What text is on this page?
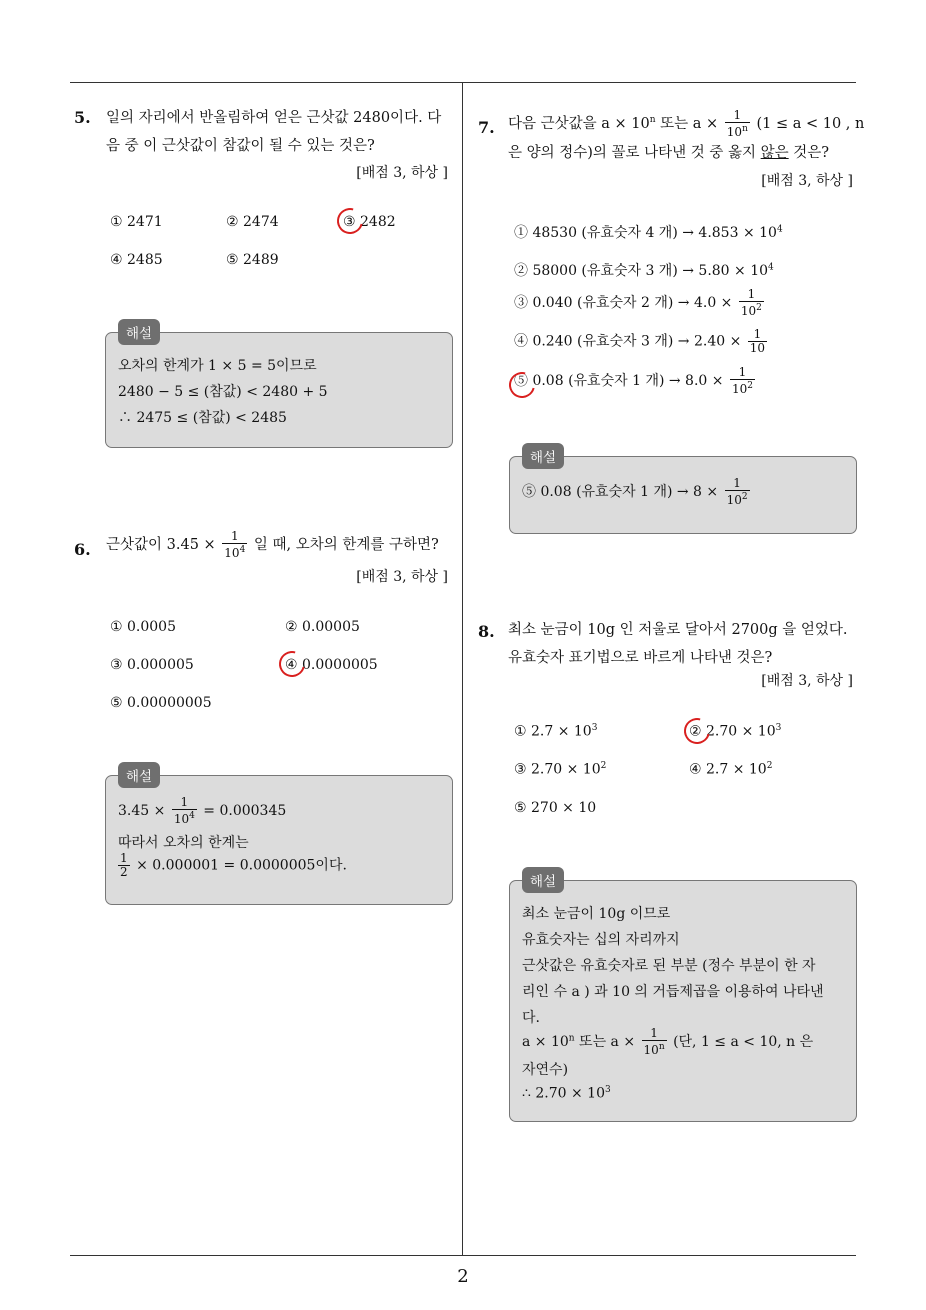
2
5. 일의 자리에서 반올림하여 얻은 근삿값 2480이다. 다
음 중 이 근삿값이 참값이 될 수 있는 것은?
[배점 3, 하상 ]
① 2471	② 2474	③ 2482
④ 2485	⑤ 2489
오차의 한계가 1 × 5 = 5이므로
2480 − 5 ≤ (참값) < 2480 + 5
∴ 2475 ≤ (참값) < 2485
해설
6. 근삿값이 $3.45 \times \frac{1}{10^4}$ 일 때, 오차의 한계를 구하면?
[배점 3, 하상 ]
① 0.0005	② 0.00005
③ 0.000005	④ 0.0000005
⑤ 0.00000005
$3.45 \times \frac{1}{10^4} = 0.000345$
따라서 오차의 한계는
$\frac{1}{2} \times 0.000001 = 0.0000005$이다.
해설
7. 다음 근삿값을 $a \times 10^n$ 또는 $a \times \frac{1}{10^n} (1 \le a < 10$ , n
은 양의 정수)의 꼴로 나타낸 것 중 옳지 않은 것은?
[배점 3, 하상 ]
① 48530 (유효숫자 4 개) → $4.853 \times 10^4$
② 58000 (유효숫자 3 개) → $5.80 \times 10^4$
③ 0.040 (유효숫자 2 개) → $4.0 \times \frac{1}{10^2}$
④ 0.240 (유효숫자 3 개) → $2.40 \times \frac{1}{10}$
⑤ 0.08 (유효숫자 1 개) → $8.0 \times \frac{1}{10^2}$
⑤ 0.08 (유효숫자 1 개) → $8 \times \frac{1}{10^2}$
해설
8. 최소 눈금이 10g 인 저울로 달아서 2700g 을 얻었다.
유효숫자 표기법으로 바르게 나타낸 것은?
[배점 3, 하상 ]
① $2.7 \times 10^3$	② $2.70 \times 10^3$
③ $2.70 \times 10^2$	④ $2.7 \times 10^2$
⑤ 270 × 10
최소 눈금이 10g 이므로
유효숫자는 십의 자리까지
근삿값은 유효숫자로 된 부분 (정수 부분이 한 자
리인 수 a ) 과 10 의 거듭제곱을 이용하여 나타낸
다.
$a \times 10^n$ 또는 $a \times \frac{1}{10^n}$ (단, 1 ≤ a < 10, n 은
자연수)
∴ $2.70 \times 10^3$
해설
